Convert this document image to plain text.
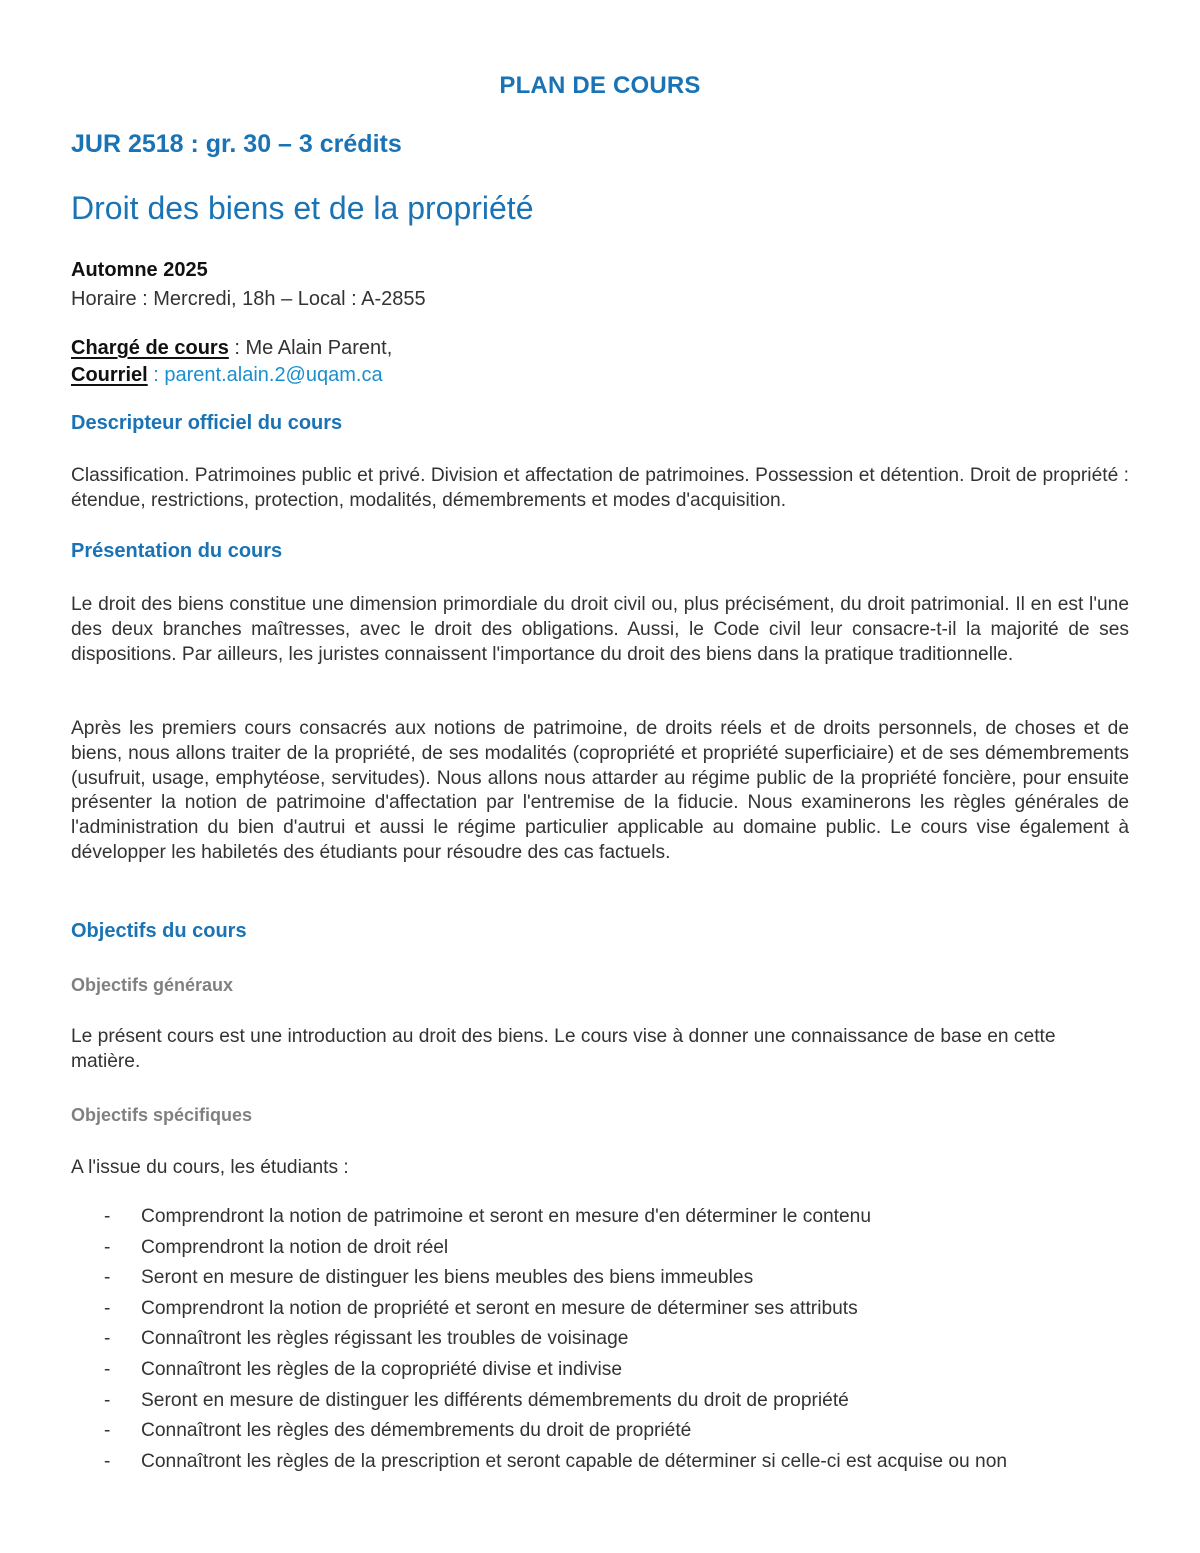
PLAN DE COURS
JUR 2518 : gr. 30 – 3 crédits
Droit des biens et de la propriété
Automne 2025
Horaire : Mercredi, 18h – Local : A-2855
Chargé de cours : Me Alain Parent,
Courriel : parent.alain.2@uqam.ca
Descripteur officiel du cours
Classification. Patrimoines public et privé. Division et affectation de patrimoines. Possession et détention. Droit de propriété : étendue, restrictions, protection, modalités, démembrements et modes d'acquisition.
Présentation du cours
Le droit des biens constitue une dimension primordiale du droit civil ou, plus précisément, du droit patrimonial. Il en est l'une des deux branches maîtresses, avec le droit des obligations. Aussi, le Code civil leur consacre-t-il la majorité de ses dispositions. Par ailleurs, les juristes connaissent l'importance du droit des biens dans la pratique traditionnelle.
Après les premiers cours consacrés aux notions de patrimoine, de droits réels et de droits personnels, de choses et de biens, nous allons traiter de la propriété, de ses modalités (copropriété et propriété superficiaire) et de ses démembrements (usufruit, usage, emphytéose, servitudes). Nous allons nous attarder au régime public de la propriété foncière, pour ensuite présenter la notion de patrimoine d'affectation par l'entremise de la fiducie. Nous examinerons les règles générales de l'administration du bien d'autrui et aussi le régime particulier applicable au domaine public. Le cours vise également à développer les habiletés des étudiants pour résoudre des cas factuels.
Objectifs du cours
Objectifs généraux
Le présent cours est une introduction au droit des biens. Le cours vise à donner une connaissance de base en cette matière.
Objectifs spécifiques
A l'issue du cours, les étudiants :
- Comprendront la notion de patrimoine et seront en mesure d'en déterminer le contenu
- Comprendront la notion de droit réel
- Seront en mesure de distinguer les biens meubles des biens immeubles
- Comprendront la notion de propriété et seront en mesure de déterminer ses attributs
- Connaîtront les règles régissant les troubles de voisinage
- Connaîtront les règles de la copropriété divise et indivise
- Seront en mesure de distinguer les différents démembrements du droit de propriété
- Connaîtront les règles des démembrements du droit de propriété
- Connaîtront les règles de la prescription et seront capable de déterminer si celle-ci est acquise ou non
